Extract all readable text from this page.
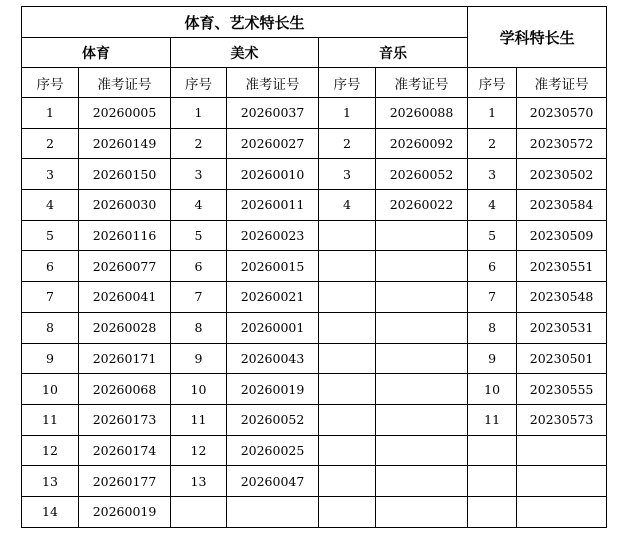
体育、艺术特长生						学科特长生	
体育		美术		音乐			
序号	准考证号	序号	准考证号	序号	准考证号	序号	准考证号
1	20260005	1	20260037	1	20260088	1	20230570
2	20260149	2	20260027	2	20260092	2	20230572
3	20260150	3	20260010	3	20260052	3	20230502
4	20260030	4	20260011	4	20260022	4	20230584
5	20260116	5	20260023			5	20230509
6	20260077	6	20260015			6	20230551
7	20260041	7	20260021			7	20230548
8	20260028	8	20260001			8	20230531
9	20260171	9	20260043			9	20230501
10	20260068	10	20260019			10	20230555
11	20260173	11	20260052			11	20230573
12	20260174	12	20260025				
13	20260177	13	20260047				
14	20260019						
